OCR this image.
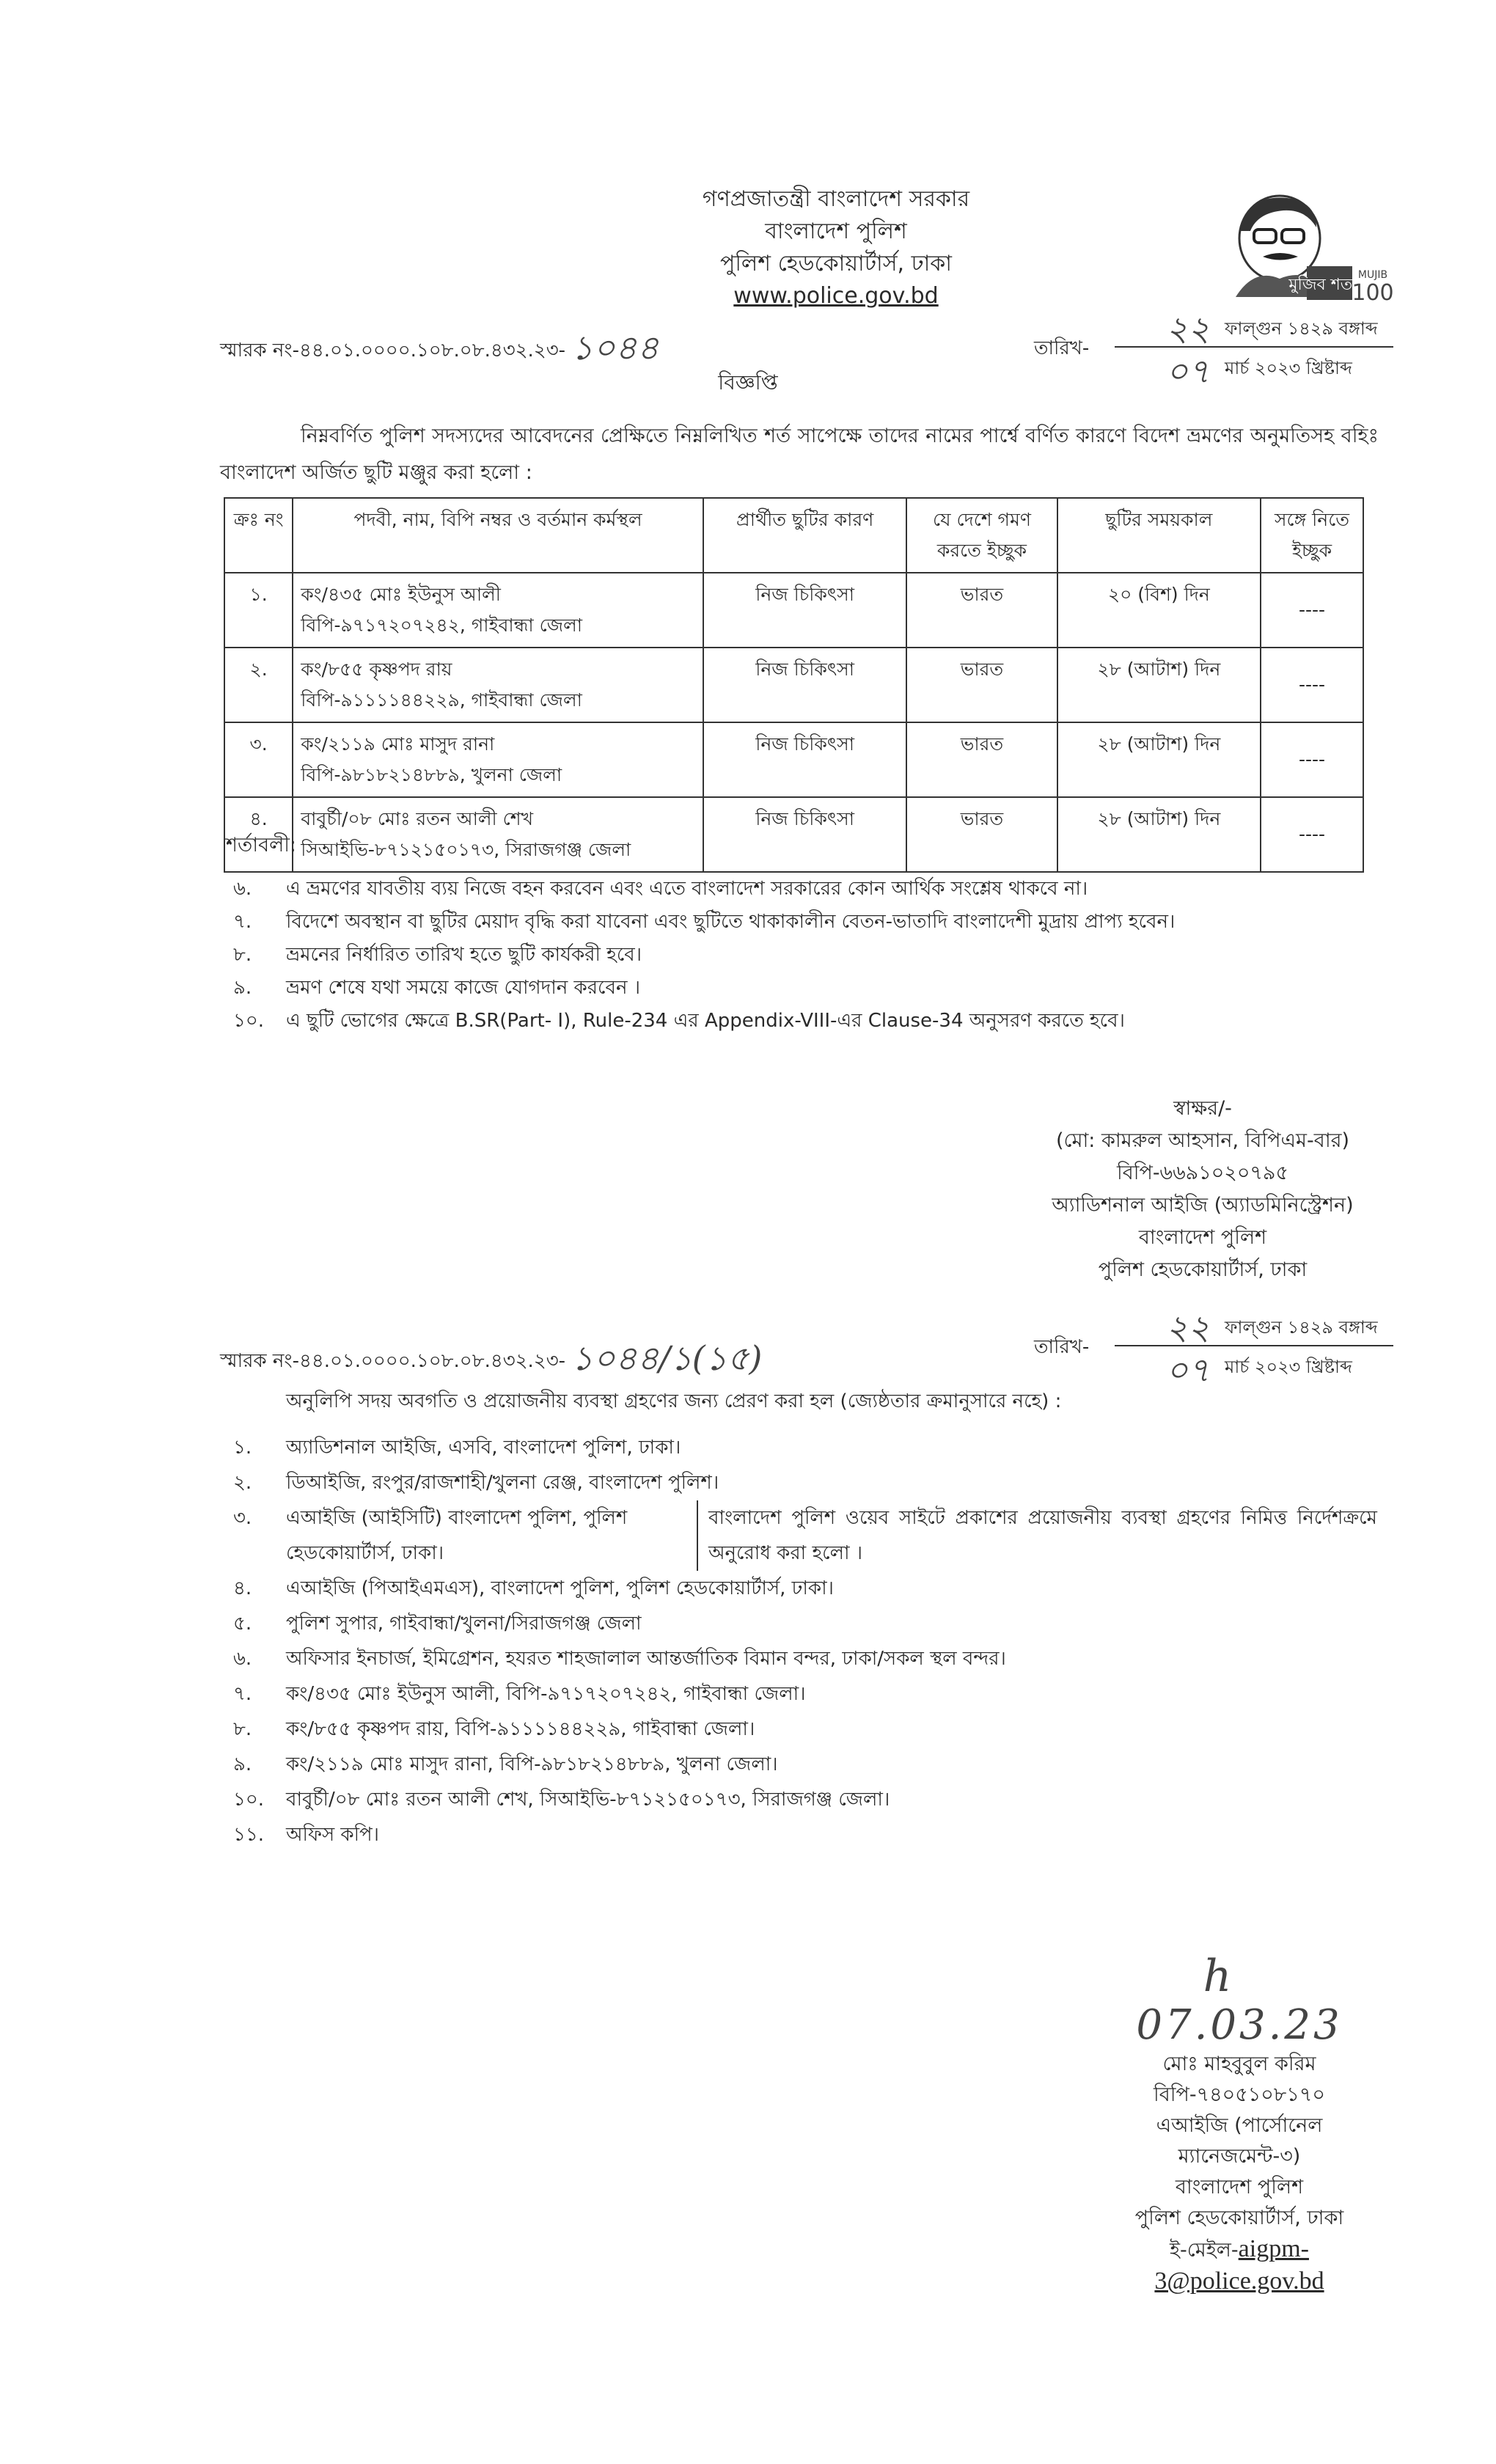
গণপ্রজাতন্ত্রী বাংলাদেশ সরকার
বাংলাদেশ পুলিশ
পুলিশ হেডকোয়ার্টার্স, ঢাকা
www.police.gov.bd	মুজিব শতবর্ষ
MUJIB
100
স্মারক নং-৪৪.০১.০০০০.১০৮.০৮.৪৩২.২৩- ১০৪৪	তারিখ- ২২ ফাল্গুন ১৪২৯ বঙ্গাব্দ
০৭ মার্চ ২০২৩ খ্রিষ্টাব্দ
বিজ্ঞপ্তি
নিম্নবর্ণিত পুলিশ সদস্যদের আবেদনের প্রেক্ষিতে নিম্নলিখিত শর্ত সাপেক্ষে তাদের নামের পার্শ্বে বর্ণিত কারণে বিদেশ ভ্রমণের অনুমতিসহ বহিঃ বাংলাদেশ অর্জিত ছুটি মঞ্জুর করা হলো :
ক্রঃ নং	পদবী, নাম, বিপি নম্বর ও বর্তমান কর্মস্থল	প্রার্থীত ছুটির কারণ	যে দেশে গমণ করতে ইচ্ছুক	ছুটির সময়কাল	সঙ্গে নিতে ইচ্ছুক
১.	কং/৪৩৫ মোঃ ইউনুস আলী
বিপি-৯৭১৭২০৭২৪২, গাইবান্ধা জেলা	নিজ চিকিৎসা	ভারত	২০ (বিশ) দিন	----
২.	কং/৮৫৫ কৃষ্ণপদ রায়
বিপি-৯১১১১৪৪২২৯, গাইবান্ধা জেলা	নিজ চিকিৎসা	ভারত	২৮ (আটাশ) দিন	----
৩.	কং/২১১৯ মোঃ মাসুদ রানা
বিপি-৯৮১৮২১৪৮৮৯, খুলনা জেলা	নিজ চিকিৎসা	ভারত	২৮ (আটাশ) দিন	----
৪.	বাবুর্চী/০৮ মোঃ রতন আলী শেখ
সিআইভি-৮৭১২১৫০১৭৩, সিরাজগঞ্জ জেলা	নিজ চিকিৎসা	ভারত	২৮ (আটাশ) দিন	----
শর্তাবলী:
৬.	এ ভ্রমণের যাবতীয় ব্যয় নিজে বহন করবেন এবং এতে বাংলাদেশ সরকারের কোন আর্থিক সংশ্লেষ থাকবে না।
৭.	বিদেশে অবস্থান বা ছুটির মেয়াদ বৃদ্ধি করা যাবেনা এবং ছুটিতে থাকাকালীন বেতন-ভাতাদি বাংলাদেশী মুদ্রায় প্রাপ্য হবেন।
৮.	ভ্রমনের নির্ধারিত তারিখ হতে ছুটি কার্যকরী হবে।
৯.	ভ্রমণ শেষে যথা সময়ে কাজে যোগদান করবেন ।
১০.	এ ছুটি ভোগের ক্ষেত্রে B.SR(Part- I), Rule-234 এর Appendix-VIII-এর Clause-34 অনুসরণ করতে হবে।
স্বাক্ষর/-
(মো: কামরুল আহসান, বিপিএম-বার)
বিপি-৬৬৯১০২০৭৯৫
অ্যাডিশনাল আইজি (অ্যাডমিনিস্ট্রেশন)
বাংলাদেশ পুলিশ
পুলিশ হেডকোয়ার্টার্স, ঢাকা
স্মারক নং-৪৪.০১.০০০০.১০৮.০৮.৪৩২.২৩- ১০৪৪/১(১৫)	তারিখ- ২২ ফাল্গুন ১৪২৯ বঙ্গাব্দ
০৭ মার্চ ২০২৩ খ্রিষ্টাব্দ
অনুলিপি সদয় অবগতি ও প্রয়োজনীয় ব্যবস্থা গ্রহণের জন্য প্রেরণ করা হল (জ্যেষ্ঠতার ক্রমানুসারে নহে) :
১.	অ্যাডিশনাল আইজি, এসবি, বাংলাদেশ পুলিশ, ঢাকা।
২.	ডিআইজি, রংপুর/রাজশাহী/খুলনা রেঞ্জ, বাংলাদেশ পুলিশ।
৩.	এআইজি (আইসিটি) বাংলাদেশ পুলিশ, পুলিশ হেডকোয়ার্টার্স, ঢাকা।
বাংলাদেশ পুলিশ ওয়েব সাইটে প্রকাশের প্রয়োজনীয় ব্যবস্থা গ্রহণের নিমিত্ত নির্দেশক্রমে অনুরোধ করা হলো ।
৪.	এআইজি (পিআইএমএস), বাংলাদেশ পুলিশ, পুলিশ হেডকোয়ার্টার্স, ঢাকা।
৫.	পুলিশ সুপার, গাইবান্ধা/খুলনা/সিরাজগঞ্জ জেলা
৬.	অফিসার ইনচার্জ, ইমিগ্রেশন, হযরত শাহজালাল আন্তর্জাতিক বিমান বন্দর, ঢাকা/সকল স্থল বন্দর।
৭.	কং/৪৩৫ মোঃ ইউনুস আলী, বিপি-৯৭১৭২০৭২৪২, গাইবান্ধা জেলা।
৮.	কং/৮৫৫ কৃষ্ণপদ রায়, বিপি-৯১১১১৪৪২২৯, গাইবান্ধা জেলা।
৯.	কং/২১১৯ মোঃ মাসুদ রানা, বিপি-৯৮১৮২১৪৮৮৯, খুলনা জেলা।
১০.	বাবুর্চী/০৮ মোঃ রতন আলী শেখ, সিআইভি-৮৭১২১৫০১৭৩, সিরাজগঞ্জ জেলা।
১১.	অফিস কপি।
h
07.03.23
মোঃ মাহবুবুল করিম
বিপি-৭৪০৫১০৮১৭০
এআইজি (পার্সোনেল ম্যানেজমেন্ট-৩)
বাংলাদেশ পুলিশ
পুলিশ হেডকোয়ার্টার্স, ঢাকা
ই-মেইল-aigpm-3@police.gov.bd
